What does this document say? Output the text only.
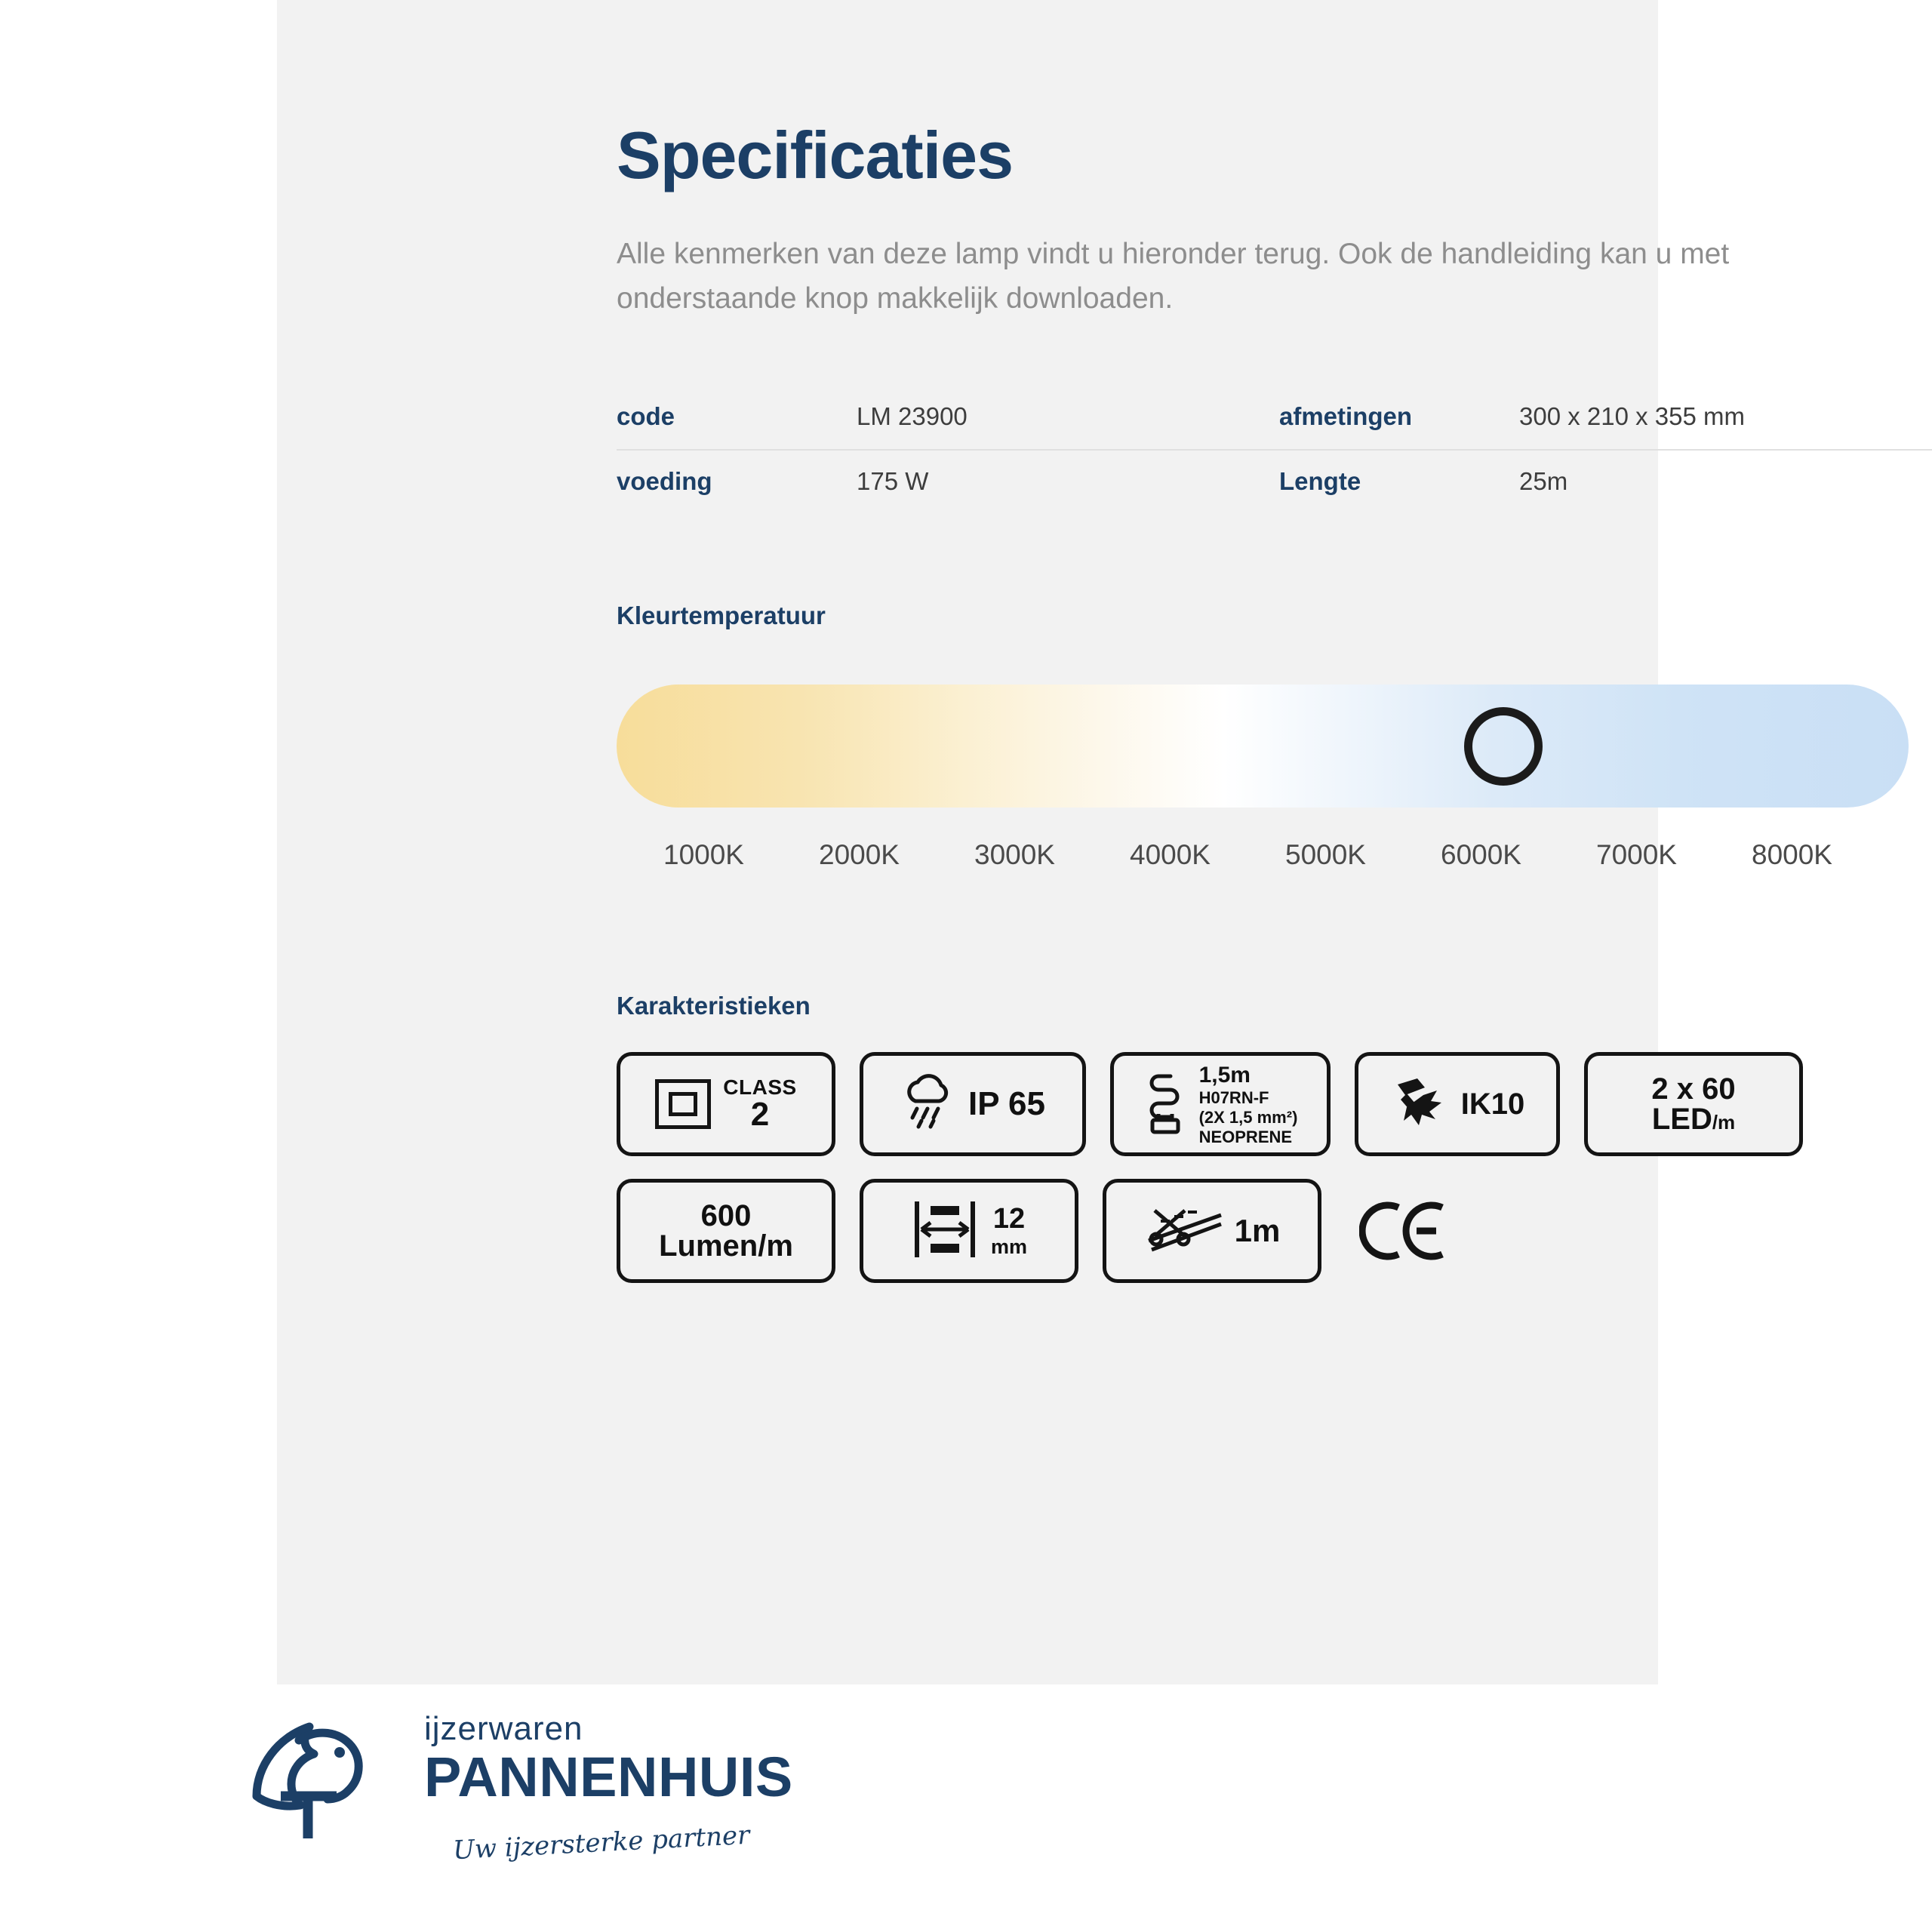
Specificaties
Alle kenmerken van deze lamp vindt u hieronder terug. Ook de handleiding kan u met onderstaande knop makkelijk downloaden.
code	LM 23900	afmetingen	300 x 210 x 355 mm
voeding	175 W	Lengte	25m
Kleurtemperatuur
1000K	2000K	3000K	4000K	5000K	6000K	7000K	8000K
Karakteristieken
CLASS
2	IP 65
1,5m
H07RN-F
(2X 1,5 mm²)
NEOPRENE
IK10	2 x 60
LED/m
600
Lumen/m
12
mm	1m
ijzerwaren
PANNENHUIS
Uw ijzersterke partner
